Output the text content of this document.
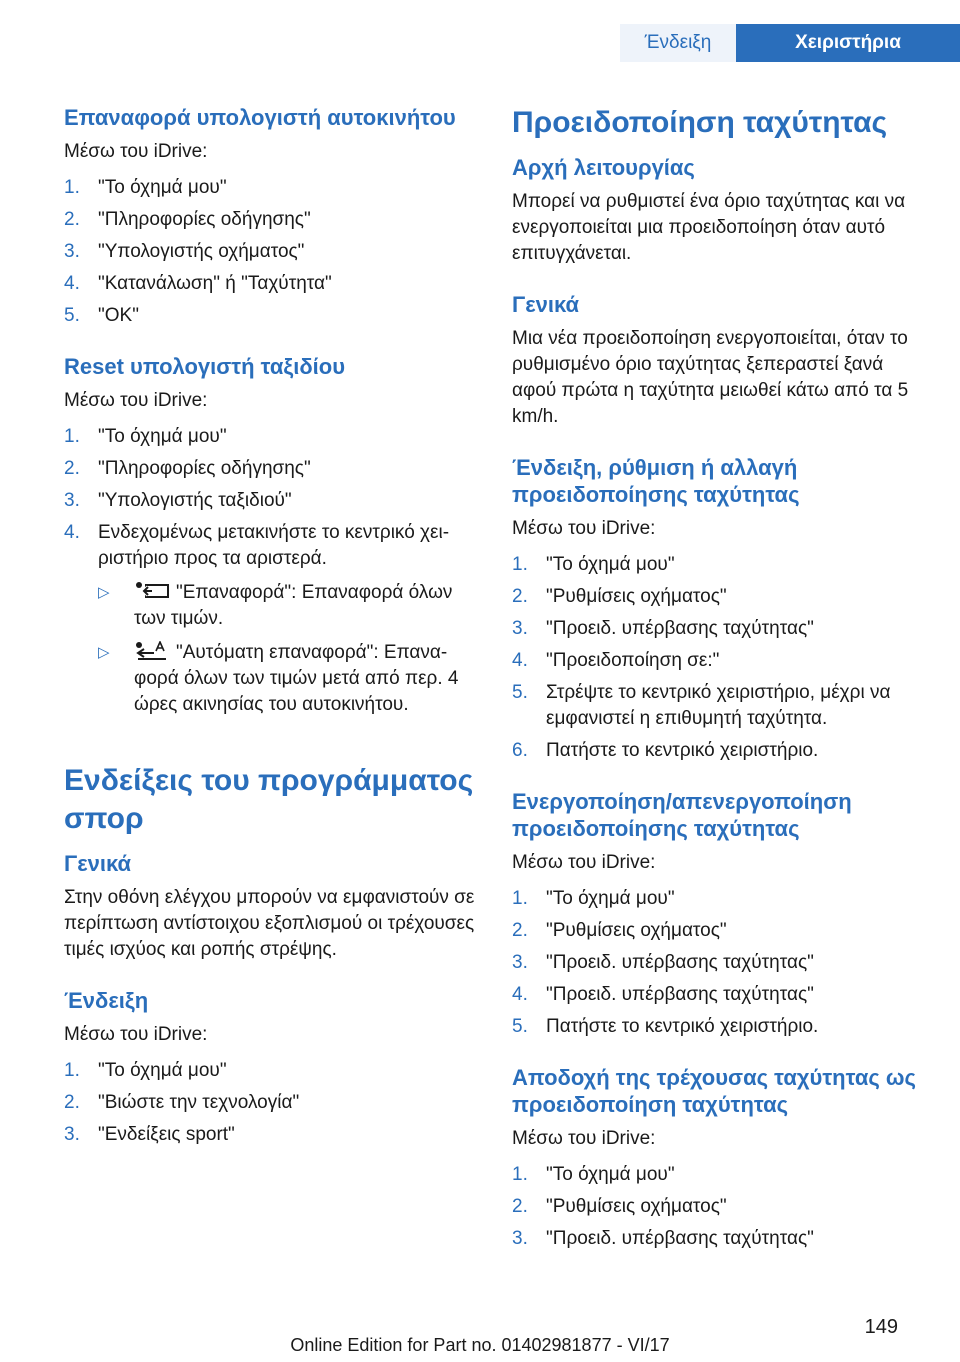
Ένδειξη	Χειριστήρια
Επαναφορά υπολογιστή αυτοκινήτου
Μέσω του iDrive:
1. "Το όχημά μου"
2. "Πληροφορίες οδήγησης"
3. "Υπολογιστής οχήματος"
4. "Κατανάλωση" ή "Ταχύτητα"
5. "OK"
Reset υπολογιστή ταξιδίου
Μέσω του iDrive:
1. "Το όχημά μου"
2. "Πληροφορίες οδήγησης"
3. "Υπολογιστής ταξιδιού"
4. Ενδεχομένως μετακινήστε το κεντρικό χειριστήριο προς τα αριστερά.
▷	"Επαναφορά": Επαναφορά όλων των τιμών.
▷	"Αυτόματη επαναφορά": Επαναφορά όλων των τιμών μετά από περ. 4 ώρες ακινησίας του αυτοκινήτου.
Ενδείξεις του προγράμματος σπορ
Γενικά
Στην οθόνη ελέγχου μπορούν να εμφανιστούν σε περίπτωση αντίστοιχου εξοπλισμού οι τρέχουσες τιμές ισχύος και ροπής στρέψης.
Ένδειξη
Μέσω του iDrive:
1. "Το όχημά μου"
2. "Βιώστε την τεχνολογία"
3. "Ενδείξεις sport"
Προειδοποίηση ταχύτητας
Αρχή λειτουργίας
Μπορεί να ρυθμιστεί ένα όριο ταχύτητας και να ενεργοποιείται μια προειδοποίηση όταν αυτό επιτυγχάνεται.
Γενικά
Μια νέα προειδοποίηση ενεργοποιείται, όταν το ρυθμισμένο όριο ταχύτητας ξεπεραστεί ξανά αφού πρώτα η ταχύτητα μειωθεί κάτω από τα 5 km/h.
Ένδειξη, ρύθμιση ή αλλαγή προειδοποίησης ταχύτητας
Μέσω του iDrive:
1. "Το όχημά μου"
2. "Ρυθμίσεις οχήματος"
3. "Προειδ. υπέρβασης ταχύτητας"
4. "Προειδοποίηση σε:"
5. Στρέψτε το κεντρικό χειριστήριο, μέχρι να εμφανιστεί η επιθυμητή ταχύτητα.
6. Πατήστε το κεντρικό χειριστήριο.
Ενεργοποίηση/απενεργοποίηση προειδοποίησης ταχύτητας
Μέσω του iDrive:
1. "Το όχημά μου"
2. "Ρυθμίσεις οχήματος"
3. "Προειδ. υπέρβασης ταχύτητας"
4. "Προειδ. υπέρβασης ταχύτητας"
5. Πατήστε το κεντρικό χειριστήριο.
Αποδοχή της τρέχουσας ταχύτητας ως προειδοποίηση ταχύτητας
Μέσω του iDrive:
1. "Το όχημά μου"
2. "Ρυθμίσεις οχήματος"
3. "Προειδ. υπέρβασης ταχύτητας"
149
Online Edition for Part no. 01402981877 - VI/17
